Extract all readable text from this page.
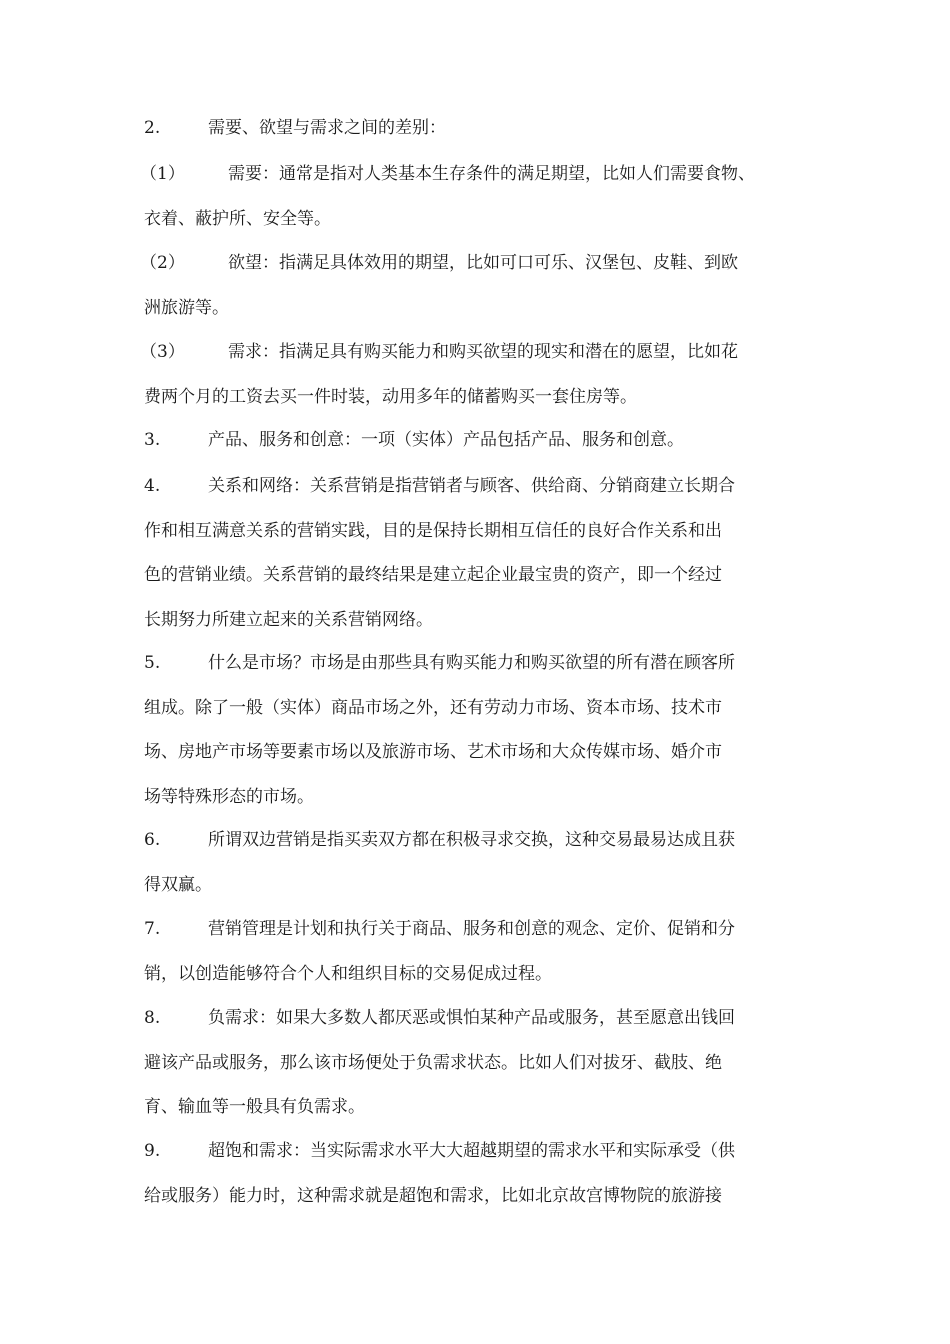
2.	需要、欲望与需求之间的差别：

（1）	需要：通常是指对人类基本生存条件的满足期望，比如人们需要食物、
衣着、蔽护所、安全等。

（2）	欲望：指满足具体效用的期望，比如可口可乐、汉堡包、皮鞋、到欧
洲旅游等。

（3）	需求：指满足具有购买能力和购买欲望的现实和潜在的愿望，比如花
费两个月的工资去买一件时装，动用多年的储蓄购买一套住房等。

3.	产品、服务和创意：一项（实体）产品包括产品、服务和创意。

4.	关系和网络：关系营销是指营销者与顾客、供给商、分销商建立长期合
作和相互满意关系的营销实践，目的是保持长期相互信任的良好合作关系和出
色的营销业绩。关系营销的最终结果是建立起企业最宝贵的资产，即一个经过
长期努力所建立起来的关系营销网络。

5.	什么是市场？市场是由那些具有购买能力和购买欲望的所有潜在顾客所
组成。除了一般（实体）商品市场之外，还有劳动力市场、资本市场、技术市
场、房地产市场等要素市场以及旅游市场、艺术市场和大众传媒市场、婚介市
场等特殊形态的市场。

6.	所谓双边营销是指买卖双方都在积极寻求交换，这种交易最易达成且获
得双赢。

7.	营销管理是计划和执行关于商品、服务和创意的观念、定价、促销和分
销，以创造能够符合个人和组织目标的交易促成过程。

8.	负需求：如果大多数人都厌恶或惧怕某种产品或服务，甚至愿意出钱回
避该产品或服务，那么该市场便处于负需求状态。比如人们对拔牙、截肢、绝
育、输血等一般具有负需求。

9.	超饱和需求：当实际需求水平大大超越期望的需求水平和实际承受（供
给或服务）能力时，这种需求就是超饱和需求，比如北京故宫博物院的旅游接
